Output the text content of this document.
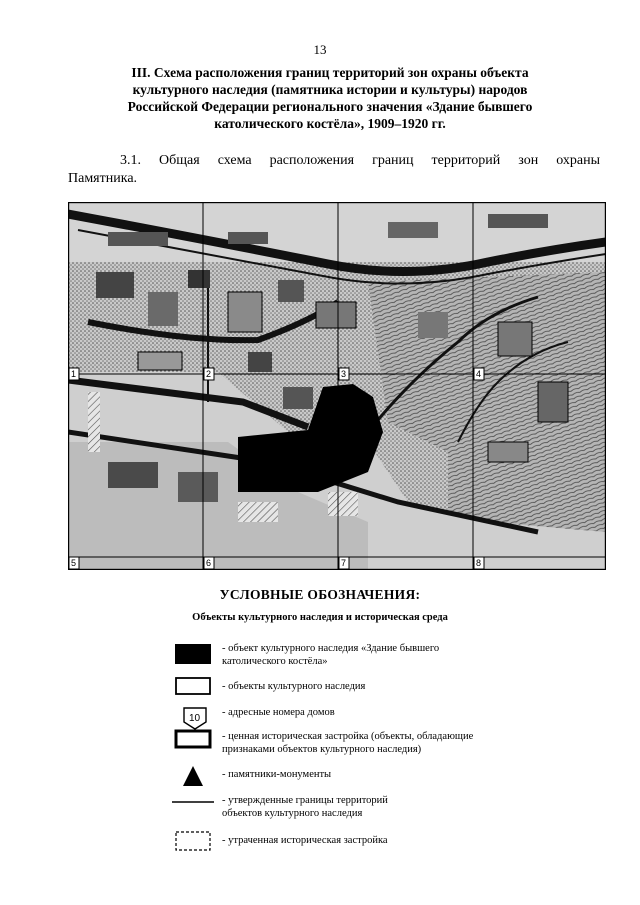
13
III. Схема расположения границ территорий зон охраны объекта
культурного наследия (памятника истории и культуры) народов
Российской Федерации регионального значения «Здание бывшего
католического костёла», 1909–1920 гг.

3.1. Общая схема расположения границ территорий зон охраны
Памятника.

1	2	3	4
5	6	7	8
УСЛОВНЫЕ ОБОЗНАЧЕНИЯ:
Объекты культурного наследия и историческая среда
- объект культурного наследия «Здание бывшего
католического костёла»
- объекты культурного наследия
10
- адресные номера домов
- ценная историческая застройка (объекты, обладающие
признаками объектов культурного наследия)
- памятники-монументы
- утвержденные границы территорий
объектов культурного наследия
- утраченная историческая застройка
